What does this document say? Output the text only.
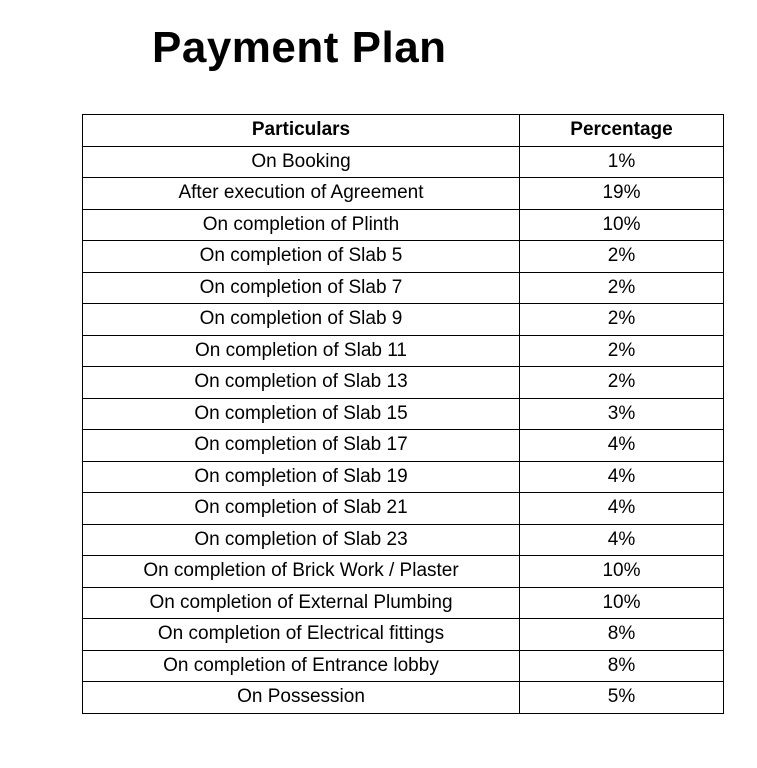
Payment Plan
Particulars	Percentage
On Booking	1%
After execution of Agreement	19%
On completion of Plinth	10%
On completion of Slab 5	2%
On completion of Slab 7	2%
On completion of Slab 9	2%
On completion of Slab 11	2%
On completion of Slab 13	2%
On completion of Slab 15	3%
On completion of Slab 17	4%
On completion of Slab 19	4%
On completion of Slab 21	4%
On completion of Slab 23	4%
On completion of Brick Work / Plaster	10%
On completion of External Plumbing	10%
On completion of Electrical fittings	8%
On completion of Entrance lobby	8%
On Possession	5%
